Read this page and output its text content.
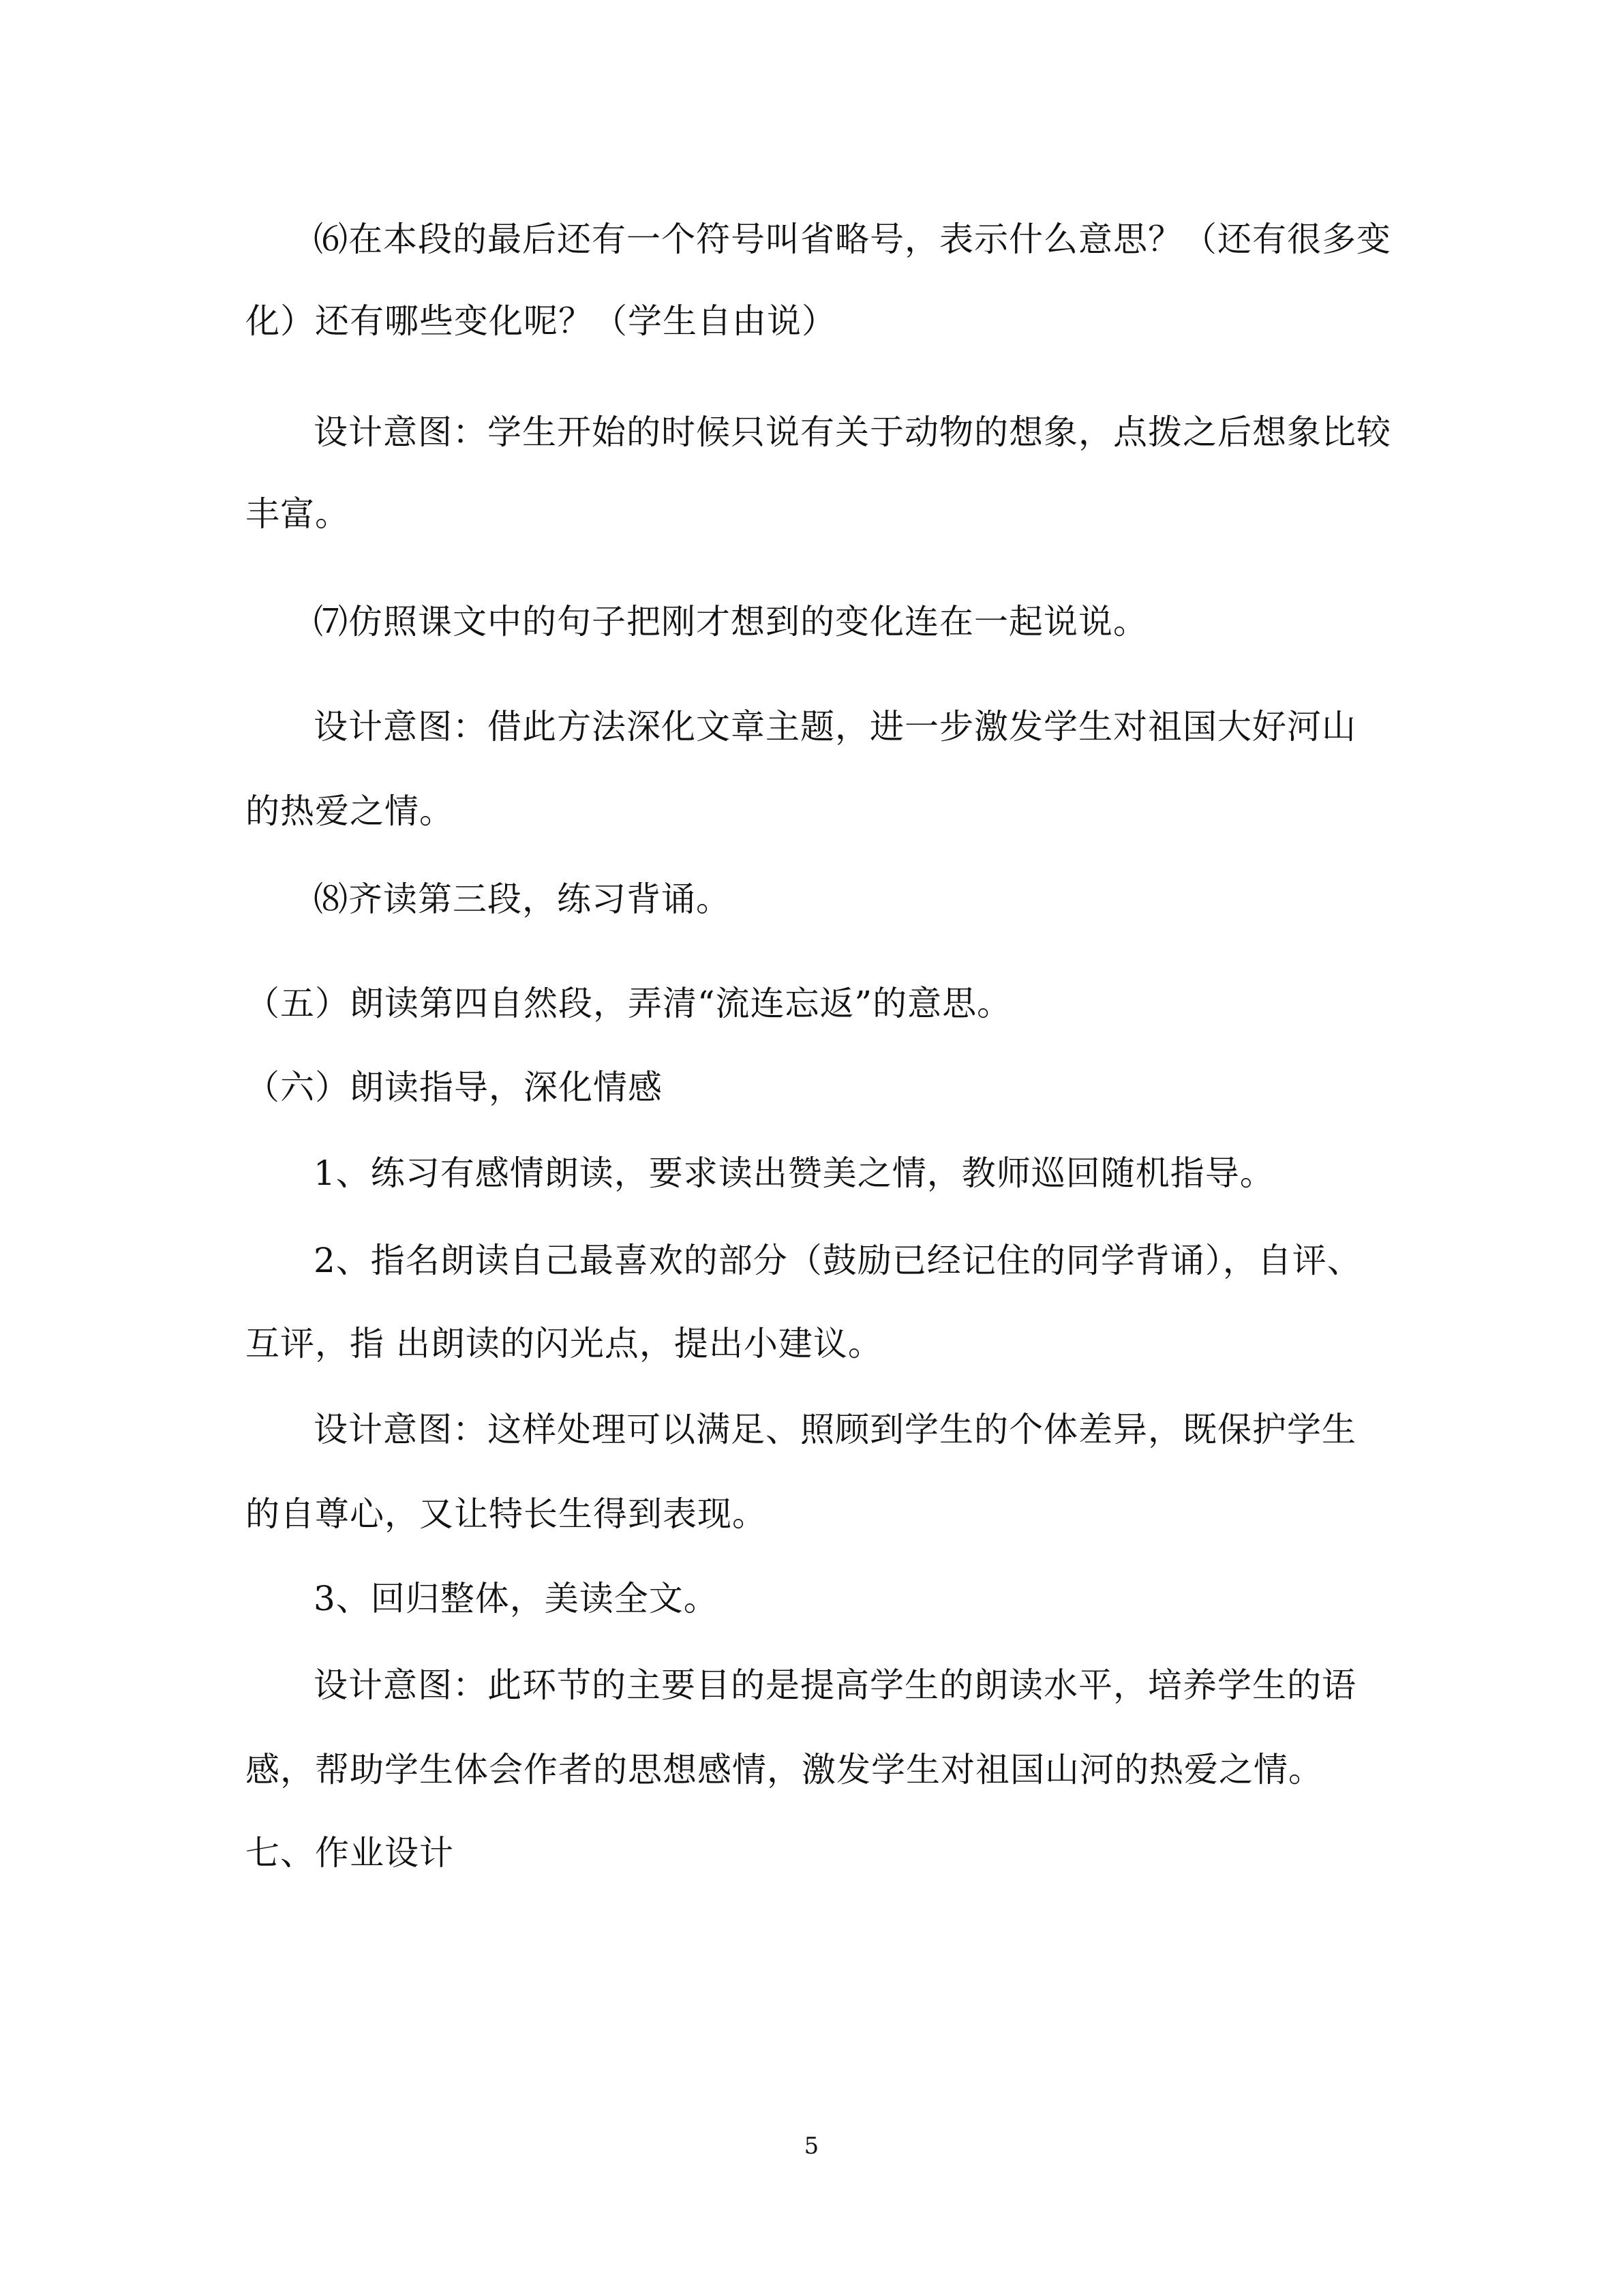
⑹在本段的最后还有一个符号叫省略号，表示什么意思？（还有很多变
化）还有哪些变化呢？（学生自由说）
设计意图：学生开始的时候只说有关于动物的想象，点拨之后想象比较
丰富。
⑺仿照课文中的句子把刚才想到的变化连在一起说说。
设计意图：借此方法深化文章主题，进一步激发学生对祖国大好河山
的热爱之情。
⑻齐读第三段，练习背诵。
（五）朗读第四自然段，弄清“流连忘返”的意思。
（六）朗读指导，深化情感
1、练习有感情朗读，要求读出赞美之情，教师巡回随机指导。
2、指名朗读自己最喜欢的部分（鼓励已经记住的同学背诵），自评、
互评，指 出朗读的闪光点，提出小建议。
设计意图：这样处理可以满足、照顾到学生的个体差异，既保护学生
的自尊心，又让特长生得到表现。
3、回归整体，美读全文。
设计意图：此环节的主要目的是提高学生的朗读水平，培养学生的语
感，帮助学生体会作者的思想感情，激发学生对祖国山河的热爱之情。
七、作业设计
5
